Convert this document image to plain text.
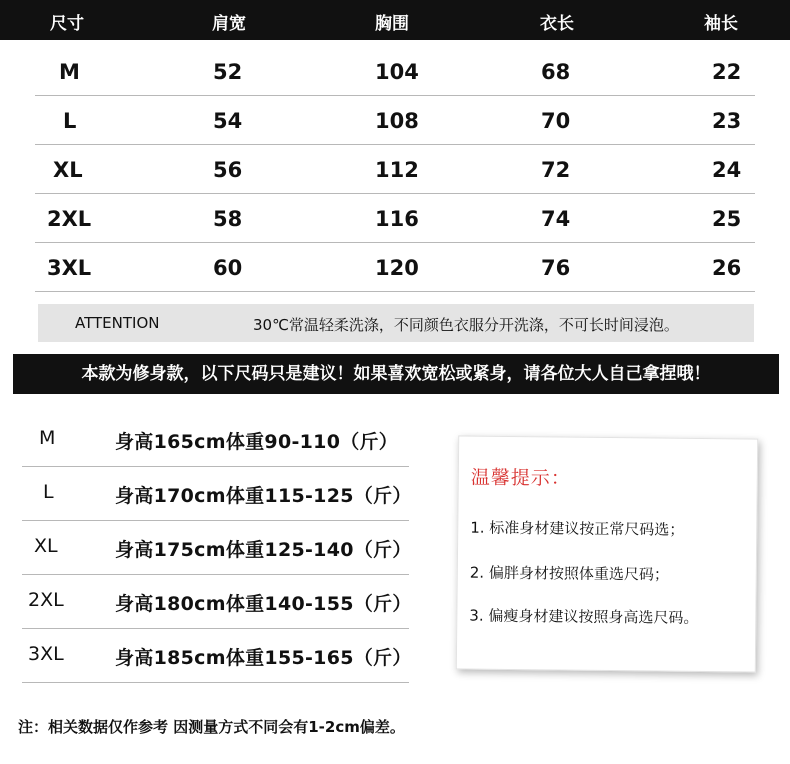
尺寸	肩宽	胸围	衣长	袖长
M	52	104	68	22
L	54	108	70	23
XL	56	112	72	24
2XL	58	116	74	25
3XL	60	120	76	26
ATTENTION	30℃常温轻柔洗涤，不同颜色衣服分开洗涤，不可长时间浸泡。
本款为修身款，以下尺码只是建议！如果喜欢宽松或紧身，请各位大人自己拿捏哦！
M	身高165cm体重90-110（斤）
L	身高170cm体重115-125（斤）
XL	身高175cm体重125-140（斤）
2XL	身高180cm体重140-155（斤）
3XL	身高185cm体重155-165（斤）
温馨提示：
1. 标准身材建议按正常尺码选；
2. 偏胖身材按照体重选尺码；
3. 偏瘦身材建议按照身高选尺码。
注：相关数据仅作参考 因测量方式不同会有1-2cm偏差。
